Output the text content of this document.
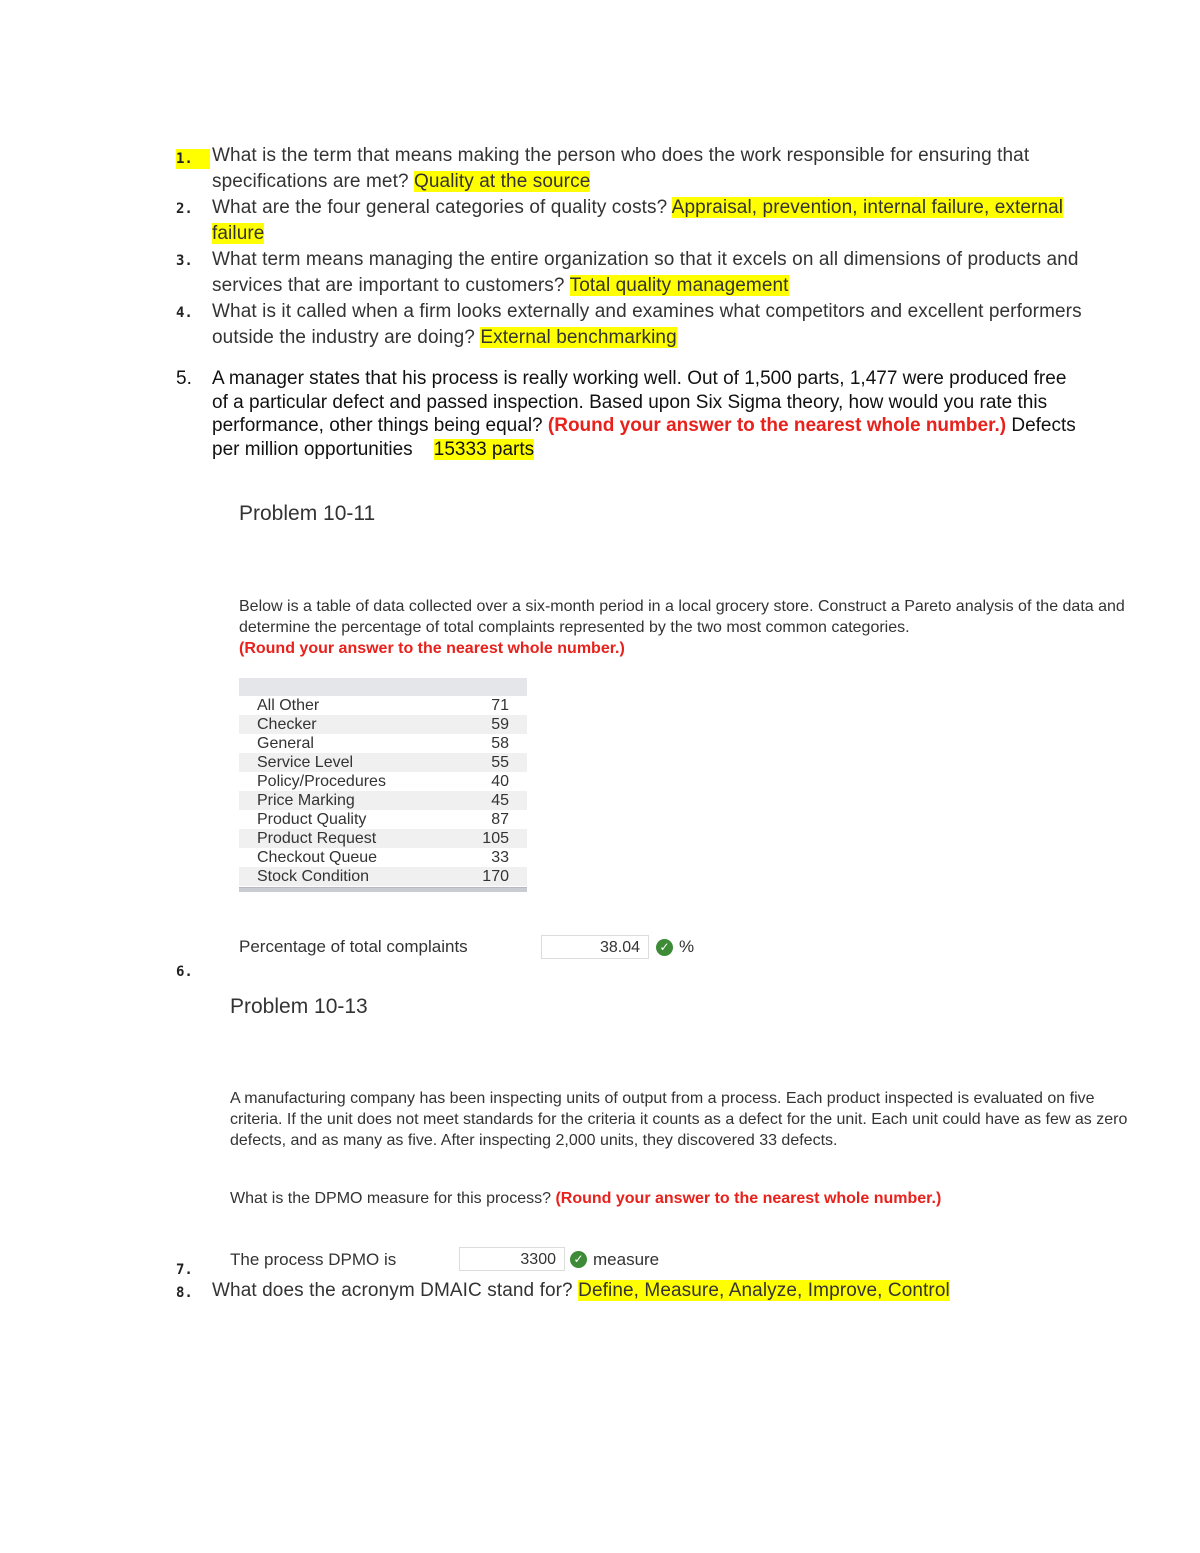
1.	What is the term that means making the person who does the work responsible for ensuring that specifications are met? Quality at the source
2. What are the four general categories of quality costs? Appraisal, prevention, internal failure, external failure
3. What term means managing the entire organization so that it excels on all dimensions of products and services that are important to customers? Total quality management
4. What is it called when a firm looks externally and examines what competitors and excellent performers outside the industry are doing? External benchmarking
5. A manager states that his process is really working well. Out of 1,500 parts, 1,477 were produced free of a particular defect and passed inspection. Based upon Six Sigma theory, how would you rate this performance, other things being equal? (Round your answer to the nearest whole number.) Defects per million opportunities 15333 parts
Problem 10-11
Below is a table of data collected over a six-month period in a local grocery store. Construct a Pareto analysis of the data and determine the percentage of total complaints represented by the two most common categories.
(Round your answer to the nearest whole number.)
All Other	71
Checker	59
General	58
Service Level	55
Policy/Procedures	40
Price Marking	45
Product Quality	87
Product Request	105
Checkout Queue	33
Stock Condition	170
6.
Percentage of total complaints	38.04	✓ %
Problem 10-13
A manufacturing company has been inspecting units of output from a process. Each product inspected is evaluated on five criteria. If the unit does not meet standards for the criteria it counts as a defect for the unit. Each unit could have as few as zero defects, and as many as five. After inspecting 2,000 units, they discovered 33 defects.
What is the DPMO measure for this process? (Round your answer to the nearest whole number.)
7.
The process DPMO is	3300	✓ measure
8. What does the acronym DMAIC stand for? Define, Measure, Analyze, Improve, Control
